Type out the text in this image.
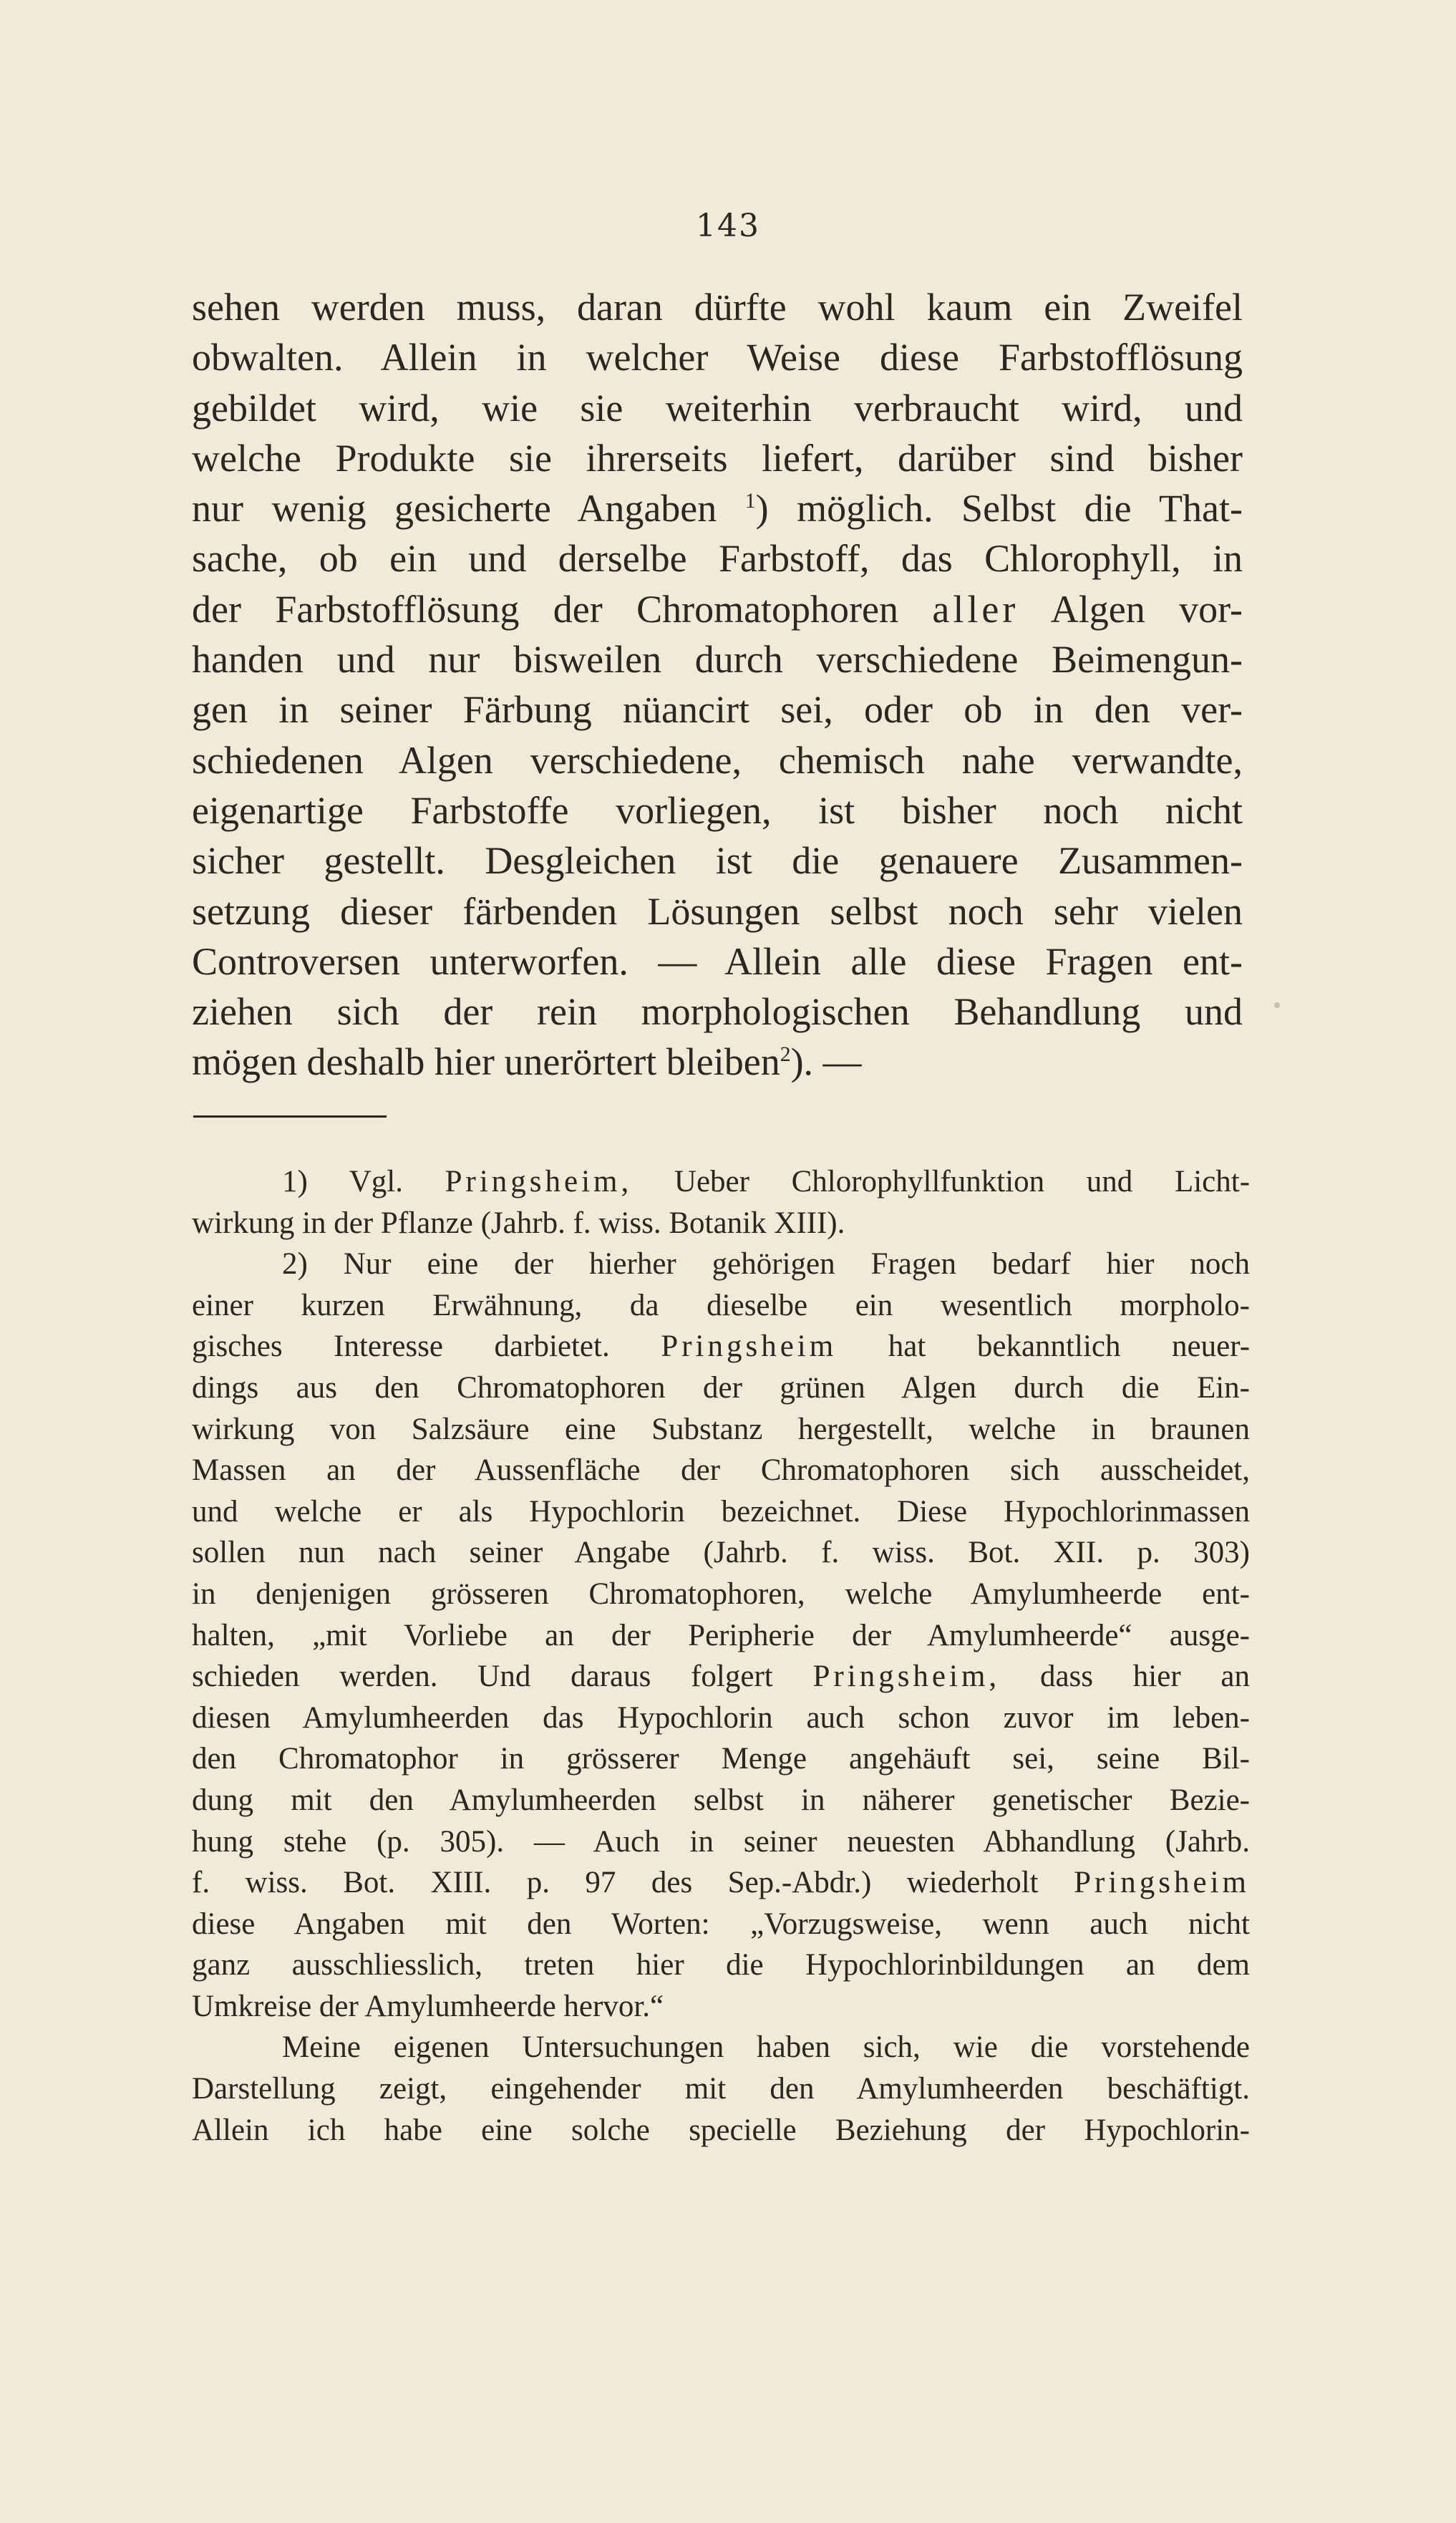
143
sehen werden muss, daran dürfte wohl kaum ein Zweifel
obwalten. Allein in welcher Weise diese Farbstofflösung
gebildet wird, wie sie weiterhin verbraucht wird, und
welche Produkte sie ihrerseits liefert, darüber sind bisher
nur wenig gesicherte Angaben $^1$) möglich. Selbst die That-
sache, ob ein und derselbe Farbstoff, das Chlorophyll, in
der Farbstofflösung der Chromatophoren aller Algen vor-
handen und nur bisweilen durch verschiedene Beimengun-
gen in seiner Färbung nüancirt sei, oder ob in den ver-
schiedenen Algen verschiedene, chemisch nahe verwandte,
eigenartige Farbstoffe vorliegen, ist bisher noch nicht
sicher gestellt. Desgleichen ist die genauere Zusammen-
setzung dieser färbenden Lösungen selbst noch sehr vielen
Controversen unterworfen. — Allein alle diese Fragen ent-
ziehen sich der rein morphologischen Behandlung und
mögen deshalb hier unerörtert bleiben$^2$). —
1) Vgl. Pringsheim, Ueber Chlorophyllfunktion und Licht-
wirkung in der Pflanze (Jahrb. f. wiss. Botanik XIII).
2) Nur eine der hierher gehörigen Fragen bedarf hier noch
einer kurzen Erwähnung, da dieselbe ein wesentlich morpholo-
gisches Interesse darbietet. Pringsheim hat bekanntlich neuer-
dings aus den Chromatophoren der grünen Algen durch die Ein-
wirkung von Salzsäure eine Substanz hergestellt, welche in braunen
Massen an der Aussenfläche der Chromatophoren sich ausscheidet,
und welche er als Hypochlorin bezeichnet. Diese Hypochlorinmassen
sollen nun nach seiner Angabe (Jahrb. f. wiss. Bot. XII. p. 303)
in denjenigen grösseren Chromatophoren, welche Amylumheerde ent-
halten, „mit Vorliebe an der Peripherie der Amylumheerde“ ausge-
schieden werden. Und daraus folgert Pringsheim, dass hier an
diesen Amylumheerden das Hypochlorin auch schon zuvor im leben-
den Chromatophor in grösserer Menge angehäuft sei, seine Bil-
dung mit den Amylumheerden selbst in näherer genetischer Bezie-
hung stehe (p. 305). — Auch in seiner neuesten Abhandlung (Jahrb.
f. wiss. Bot. XIII. p. 97 des Sep.-Abdr.) wiederholt Pringsheim
diese Angaben mit den Worten: „Vorzugsweise, wenn auch nicht
ganz ausschliesslich, treten hier die Hypochlorinbildungen an dem
Umkreise der Amylumheerde hervor.“
Meine eigenen Untersuchungen haben sich, wie die vorstehende
Darstellung zeigt, eingehender mit den Amylumheerden beschäftigt.
Allein ich habe eine solche specielle Beziehung der Hypochlorin-
